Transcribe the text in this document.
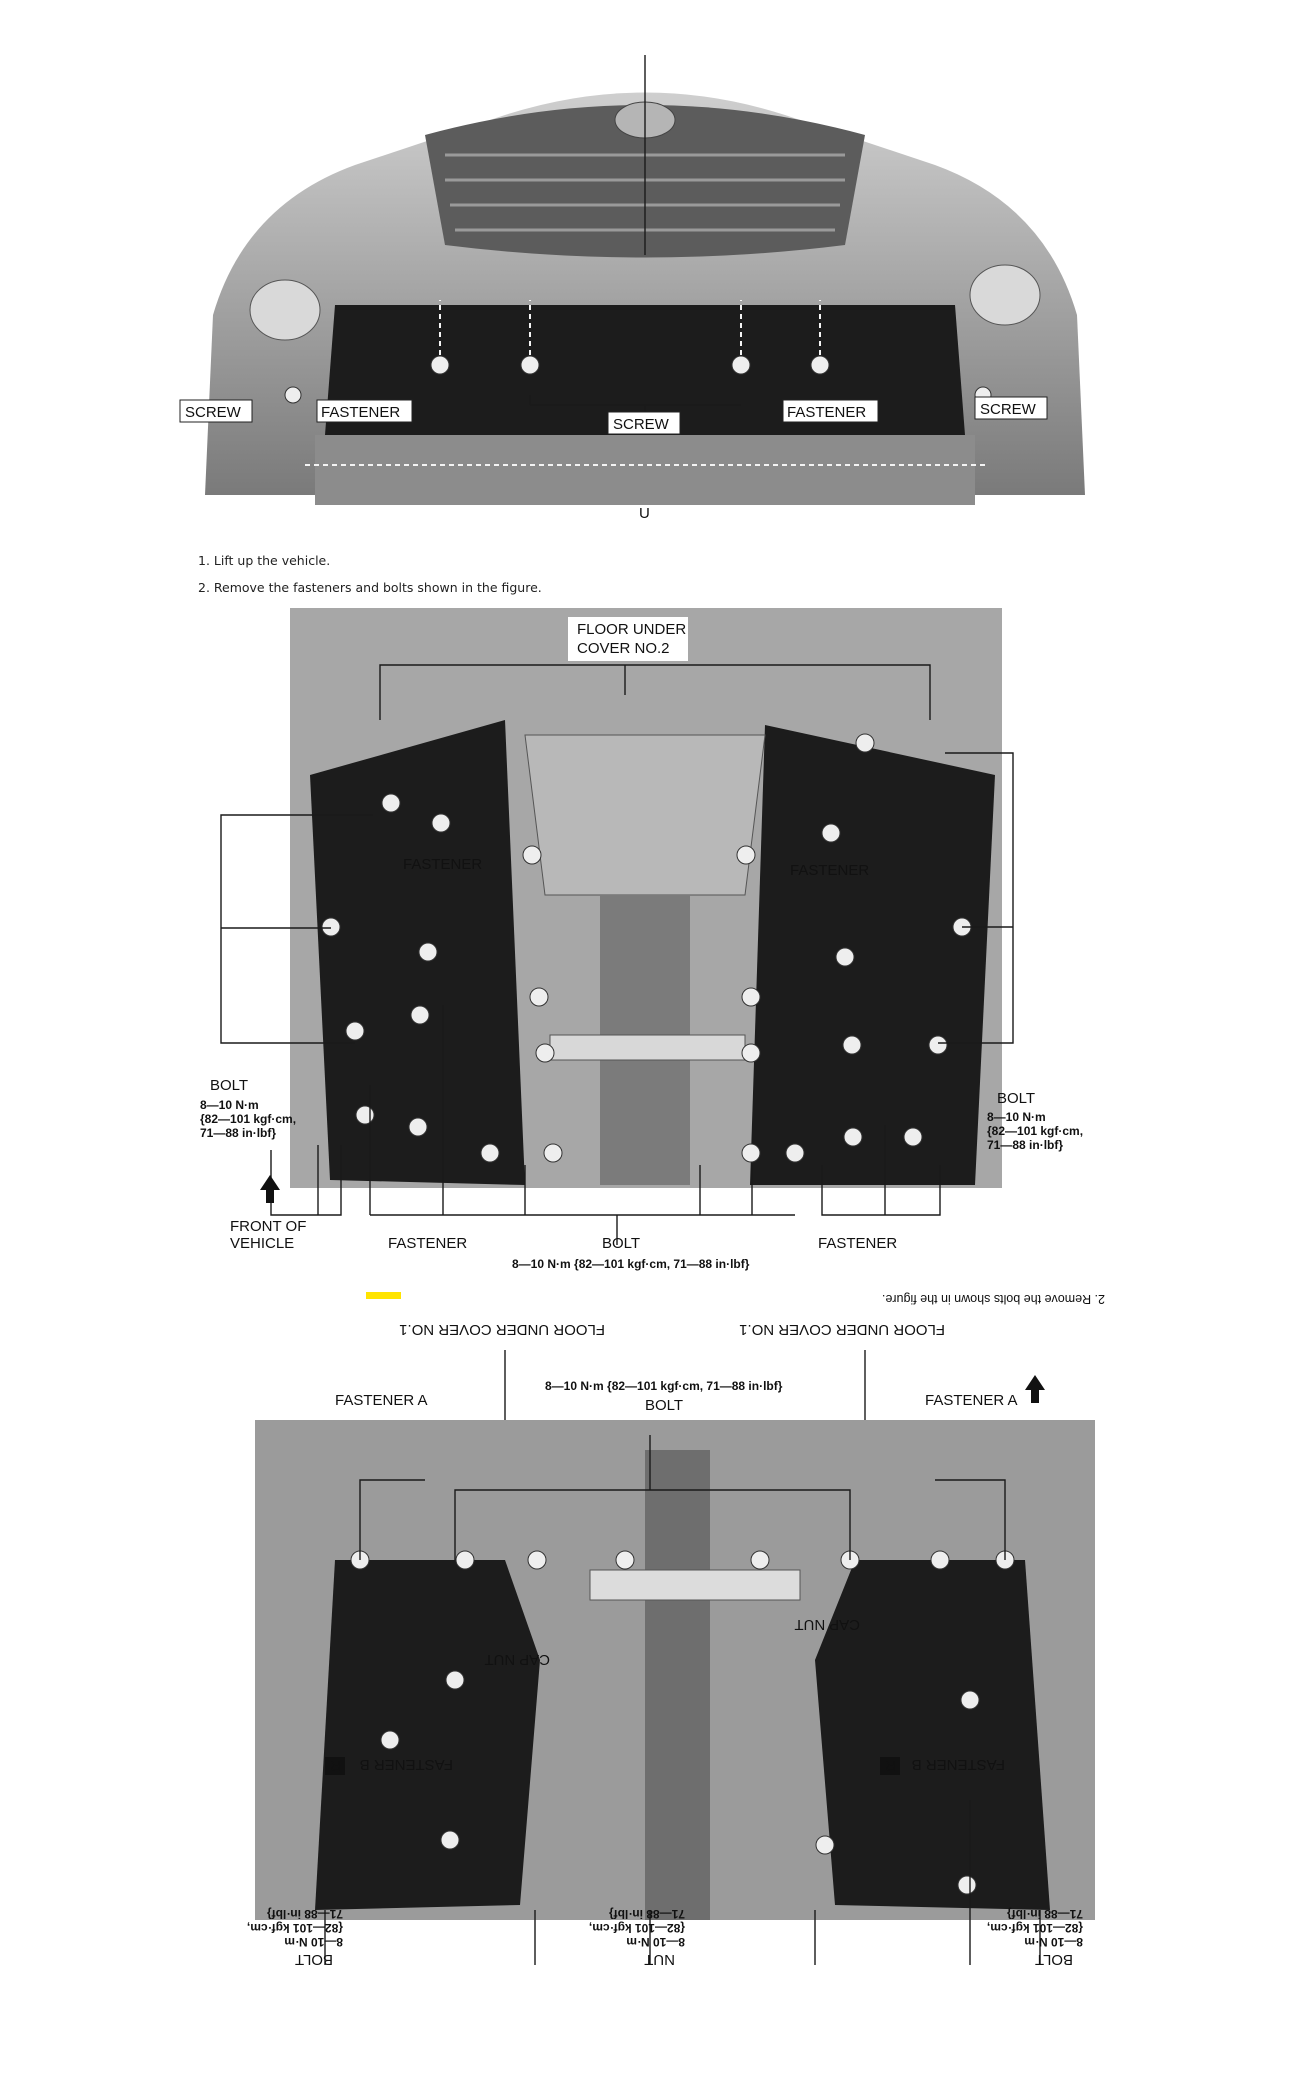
SCREW	FASTENER
SCREW
FASTENER	SCREW
U
1. Lift up the vehicle.
2. Remove the fasteners and bolts shown in the figure.
FLOOR UNDER
COVER NO.2
FASTENER	FASTENER
BOLT
8—10 N·m
{82—101 kgf·cm,
71—88 in·lbf}
BOLT
8—10 N·m
{82—101 kgf·cm,
71—88 in·lbf}
FRONT OF
VEHICLE	FASTENER	BOLT
8—10 N·m {82—101 kgf·cm, 71—88 in·lbf}
FASTENER
BOLT
FLOOR UNDER COVER NO.1	FLOOR UNDER COVER NO.1
NUT
8—10 N·m
{82—101 kgf·cm,
71—88 in·lbf}
BOLT
8—10 N·m
{82—101 kgf·cm,
71—88 in·lbf}
BOLT
8—10 N·m
{82—101 kgf·cm,
71—88 in·lbf}
CAP NUT
CAP NUT
FASTENER B
FASTENER B	R
R
FASTENER A
FASTENER A
8—10 N·m {82—101 kgf·cm, 71—88 in·lbf}
2. Remove the bolts shown in the figure.
